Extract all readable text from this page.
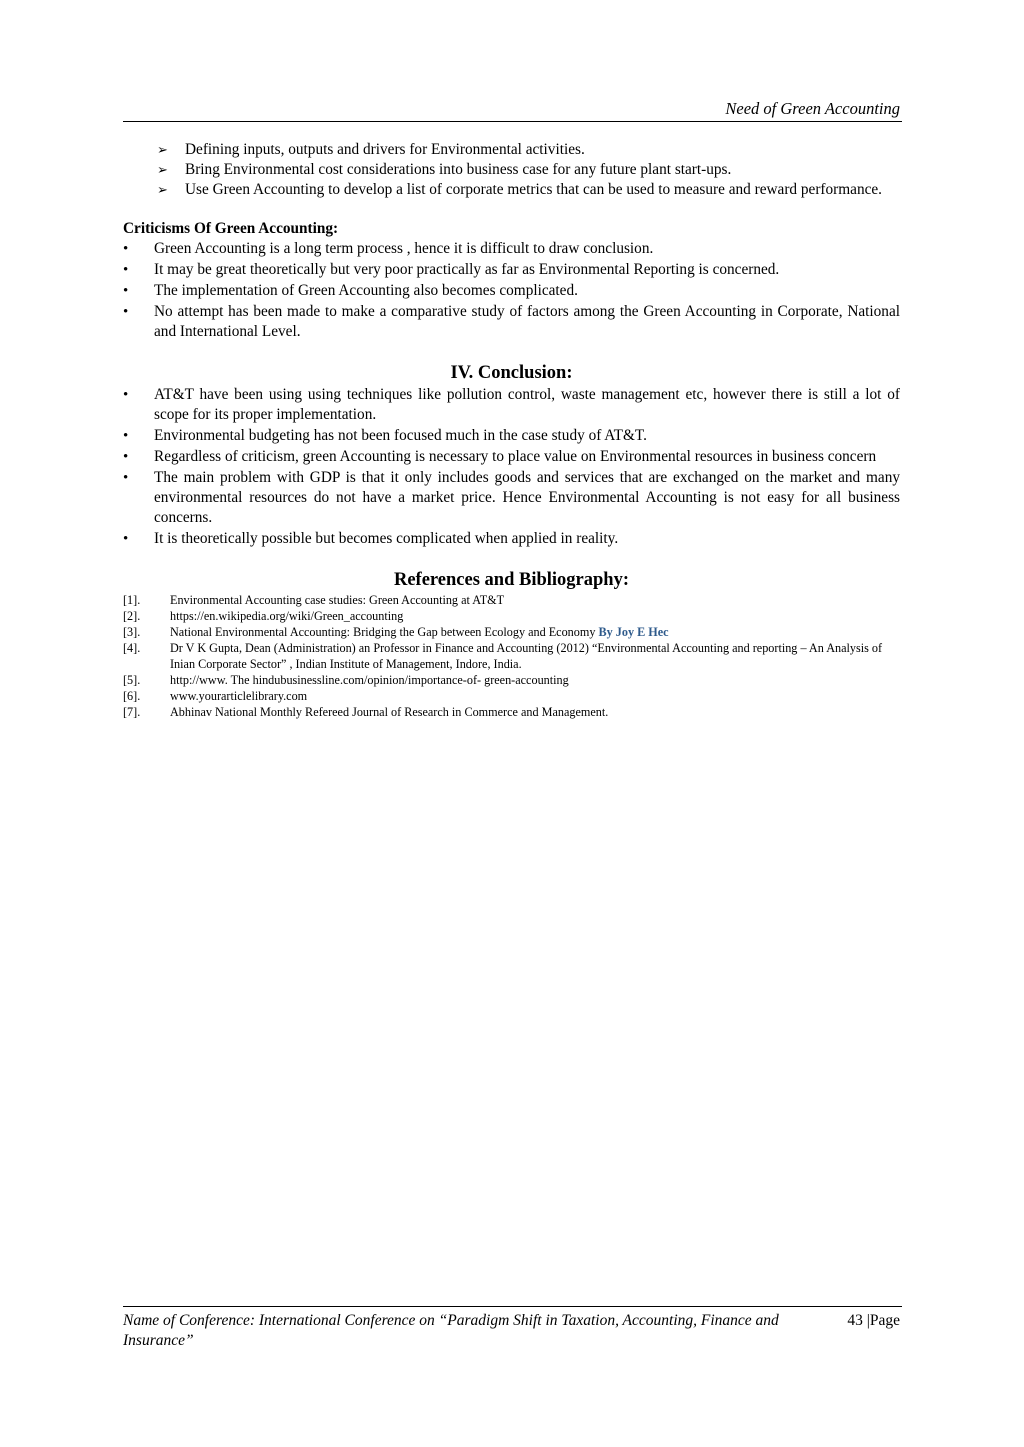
Need of Green Accounting
➢ Defining inputs, outputs and drivers for Environmental activities.
➢ Bring Environmental cost considerations into business case for any future plant start-ups.
➢ Use Green Accounting to develop a list of corporate metrics that can be used to measure and reward performance.
Criticisms Of Green Accounting:
• Green Accounting is a long term process , hence it is difficult to draw conclusion.
• It may be great theoretically but very poor practically as far as Environmental Reporting is concerned.
• The implementation of Green Accounting also becomes complicated.
• No attempt has been made to make a comparative study of factors among the Green Accounting in Corporate, National and International Level.
IV. Conclusion:
• AT&T have been using using techniques like pollution control, waste management etc, however there is still a lot of scope for its proper implementation.
• Environmental budgeting has not been focused much in the case study of AT&T.
• Regardless of criticism, green Accounting is necessary to place value on Environmental resources in business concern
• The main problem with GDP is that it only includes goods and services that are exchanged on the market and many environmental resources do not have a market price. Hence Environmental Accounting is not easy for all business concerns.
• It is theoretically possible but becomes complicated when applied in reality.
References and Bibliography:
[1]. Environmental Accounting case studies: Green Accounting at AT&T
[2]. https://en.wikipedia.org/wiki/Green_accounting
[3]. National Environmental Accounting: Bridging the Gap between Ecology and Economy By Joy E Hec
[4]. Dr V K Gupta, Dean (Administration) an Professor in Finance and Accounting (2012) “Environmental Accounting and reporting – An Analysis of Inian Corporate Sector” , Indian Institute of Management, Indore, India.
[5]. http://www. The hindubusinessline.com/opinion/importance-of- green-accounting
[6]. www.yourarticlelibrary.com
[7]. Abhinav National Monthly Refereed Journal of Research in Commerce and Management.
Name of Conference: International Conference on “Paradigm Shift in Taxation, Accounting, Finance and Insurance”
43 |Page
